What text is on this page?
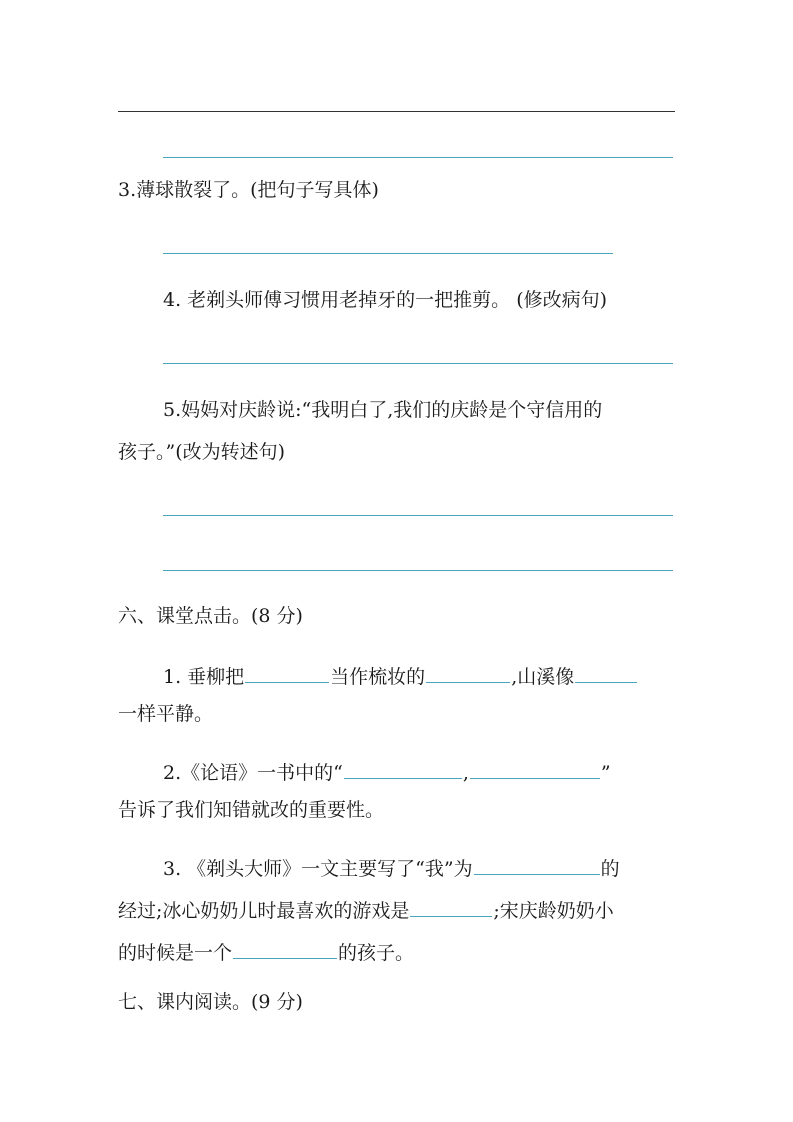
3.薄球散裂了。(把句子写具体)
4. 老剃头师傅习惯用老掉牙的一把推剪。 (修改病句)
5.妈妈对庆龄说:“我明白了,我们的庆龄是个守信用的
孩子。”(改为转述句)
六、课堂点击。(8 分)
1. 垂柳把	当作梳妆的	,山溪像
一样平静。
2.《论语》一书中的“	,	”
告诉了我们知错就改的重要性。
3. 《剃头大师》一文主要写了“我”为	的
经过;冰心奶奶儿时最喜欢的游戏是	;宋庆龄奶奶小
的时候是一个	的孩子。
七、课内阅读。(9 分)
